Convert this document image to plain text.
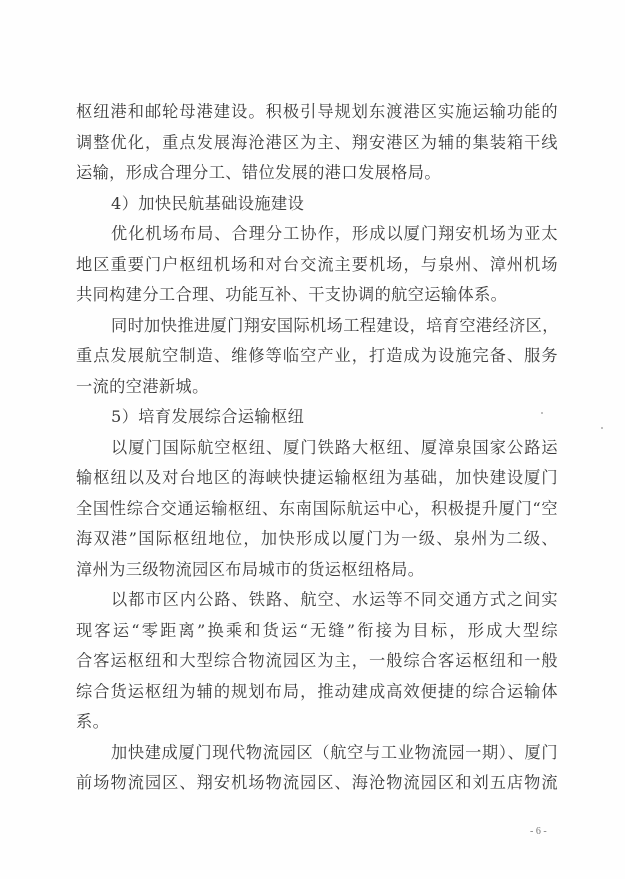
枢纽港和邮轮母港建设。积极引导规划东渡港区实施运输功能的
调整优化，重点发展海沧港区为主、翔安港区为辅的集装箱干线
运输，形成合理分工、错位发展的港口发展格局。
4）加快民航基础设施建设
优化机场布局、合理分工协作，形成以厦门翔安机场为亚太
地区重要门户枢纽机场和对台交流主要机场，与泉州、漳州机场
共同构建分工合理、功能互补、干支协调的航空运输体系。
同时加快推进厦门翔安国际机场工程建设，培育空港经济区，
重点发展航空制造、维修等临空产业，打造成为设施完备、服务
一流的空港新城。
5）培育发展综合运输枢纽
以厦门国际航空枢纽、厦门铁路大枢纽、厦漳泉国家公路运
输枢纽以及对台地区的海峡快捷运输枢纽为基础，加快建设厦门
全国性综合交通运输枢纽、东南国际航运中心，积极提升厦门“空
海双港”国际枢纽地位，加快形成以厦门为一级、泉州为二级、
漳州为三级物流园区布局城市的货运枢纽格局。
以都市区内公路、铁路、航空、水运等不同交通方式之间实
现客运“零距离”换乘和货运“无缝”衔接为目标，形成大型综
合客运枢纽和大型综合物流园区为主，一般综合客运枢纽和一般
综合货运枢纽为辅的规划布局，推动建成高效便捷的综合运输体
系。
加快建成厦门现代物流园区（航空与工业物流园一期）、厦门
前场物流园区、翔安机场物流园区、海沧物流园区和刘五店物流
- 6 -
